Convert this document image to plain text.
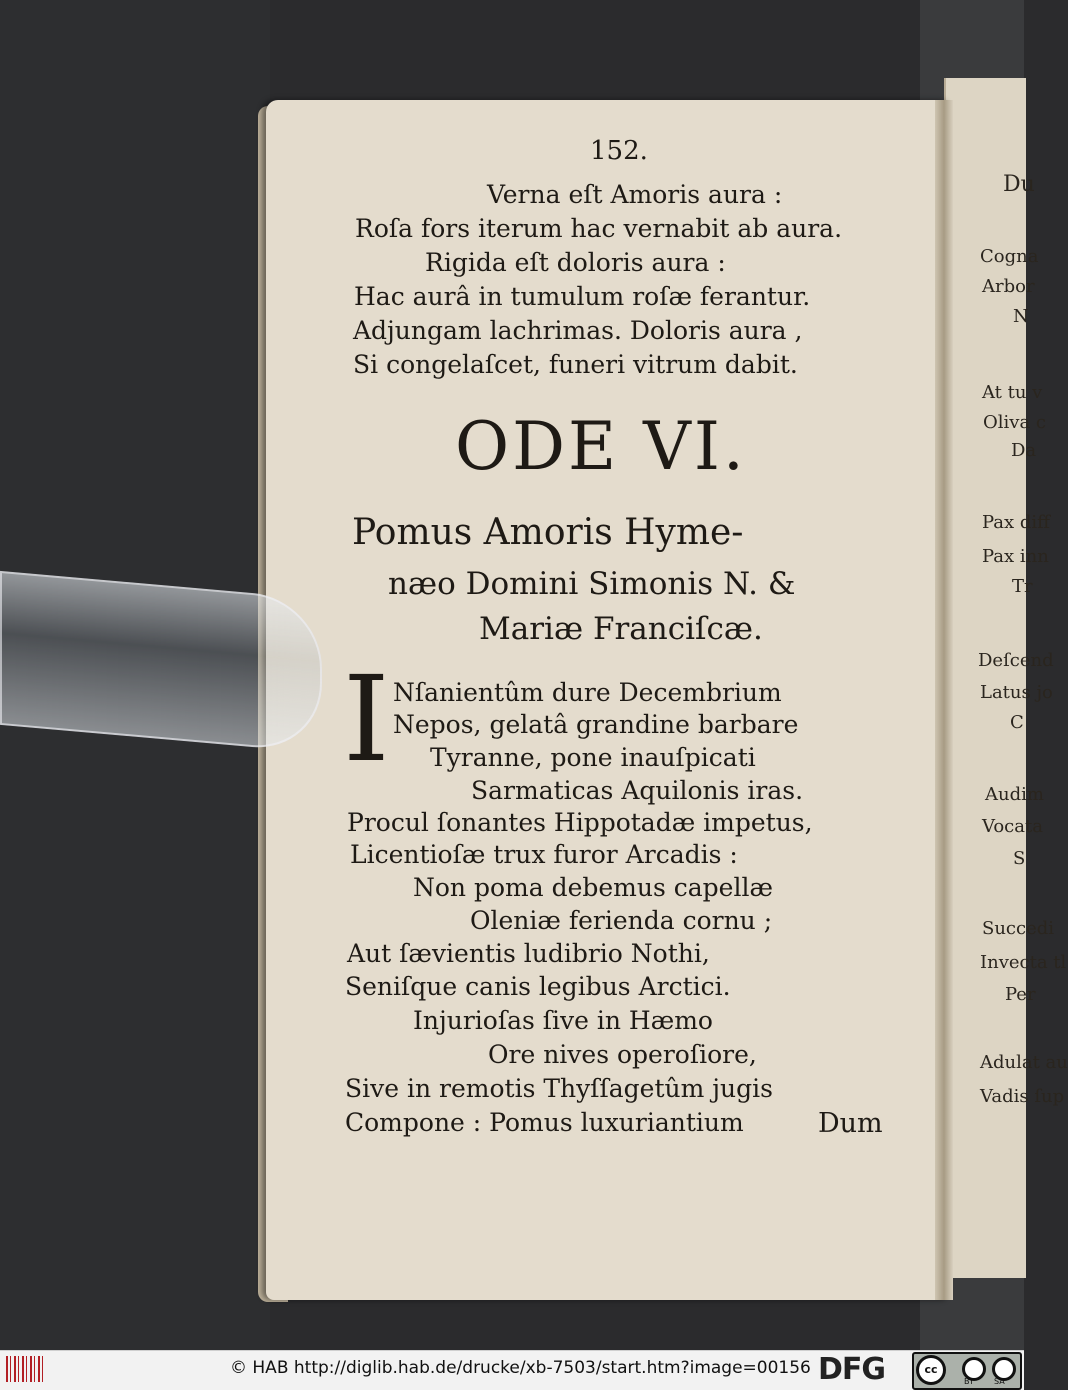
152.
Verna eſt Amoris aura :
Roſa fors iterum hac vernabit ab aura.
Rigida eſt doloris aura :
Hac aurâ in tumulum roſæ ferantur.
Adjungam lachrimas. Doloris aura ,
Si congelaſcet, funeri vitrum dabit.
ODE VI.
Pomus Amoris Hyme-
næo Domini Simonis N. &
Mariæ Franciſcæ.
I Nſanientûm dure Decembrium
Nepos, gelatâ grandine barbare
Tyranne, pone inauſpicati
Sarmaticas Aquilonis iras.
Procul ſonantes Hippotadæ impetus,
Licentioſæ trux furor Arcadis :
Non poma debemus capellæ
Oleniæ ferienda cornu ;
Aut ſævientis ludibrio Nothi,
Seniſque canis legibus Arctici.
Injurioſas ſive in Hæmo
Ore nives operoſiore,
Sive in remotis Thyſſagetûm jugis
Compone : Pomus luxuriantium	Dum
Du
Cogna
Arbor
N
At tu v
Oliva c
Da
Pax diff
Pax inn
Tr
Deſcend
Latus jo
C
Audim
Vocata
S
Succedi
Invecta tl
Per
Adulat au
Vadis ſup
© HAB http://diglib.hab.de/drucke/xb-7503/start.htm?image=00156 DFG	cc
BY	SA
